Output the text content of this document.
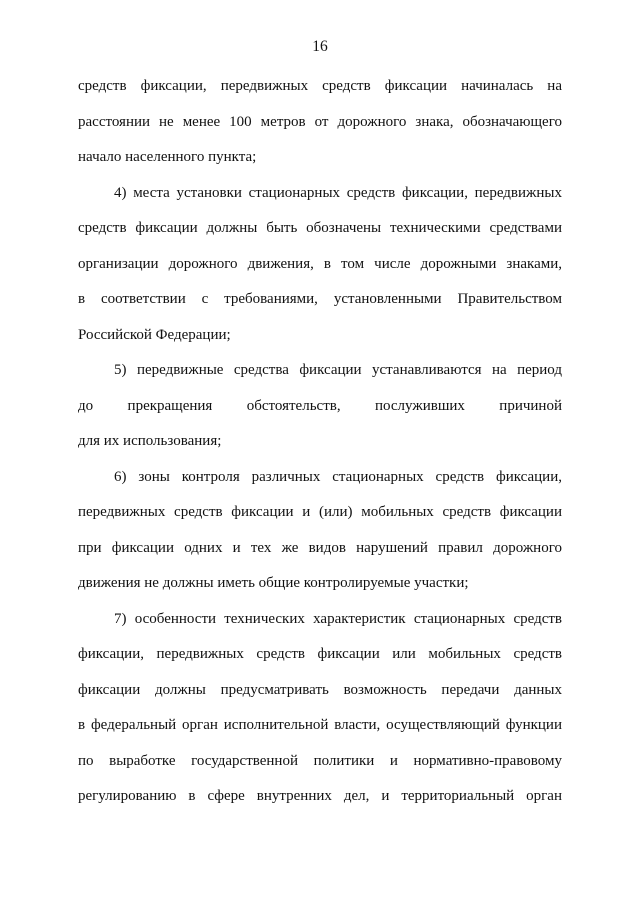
16
средств фиксации, передвижных средств фиксации начиналась на
расстоянии не менее 100 метров от дорожного знака, обозначающего
начало населенного пункта;
4) места установки стационарных средств фиксации, передвижных
средств фиксации должны быть обозначены техническими средствами
организации дорожного движения, в том числе дорожными знаками,
в соответствии с требованиями, установленными Правительством
Российской Федерации;
5) передвижные средства фиксации устанавливаются на период
до прекращения обстоятельств, послуживших причиной
для их использования;
6) зоны контроля различных стационарных средств фиксации,
передвижных средств фиксации и (или) мобильных средств фиксации
при фиксации одних и тех же видов нарушений правил дорожного
движения не должны иметь общие контролируемые участки;
7) особенности технических характеристик стационарных средств
фиксации, передвижных средств фиксации или мобильных средств
фиксации должны предусматривать возможность передачи данных
в федеральный орган исполнительной власти, осуществляющий функции
по выработке государственной политики и нормативно-правовому
регулированию в сфере внутренних дел, и территориальный орган
